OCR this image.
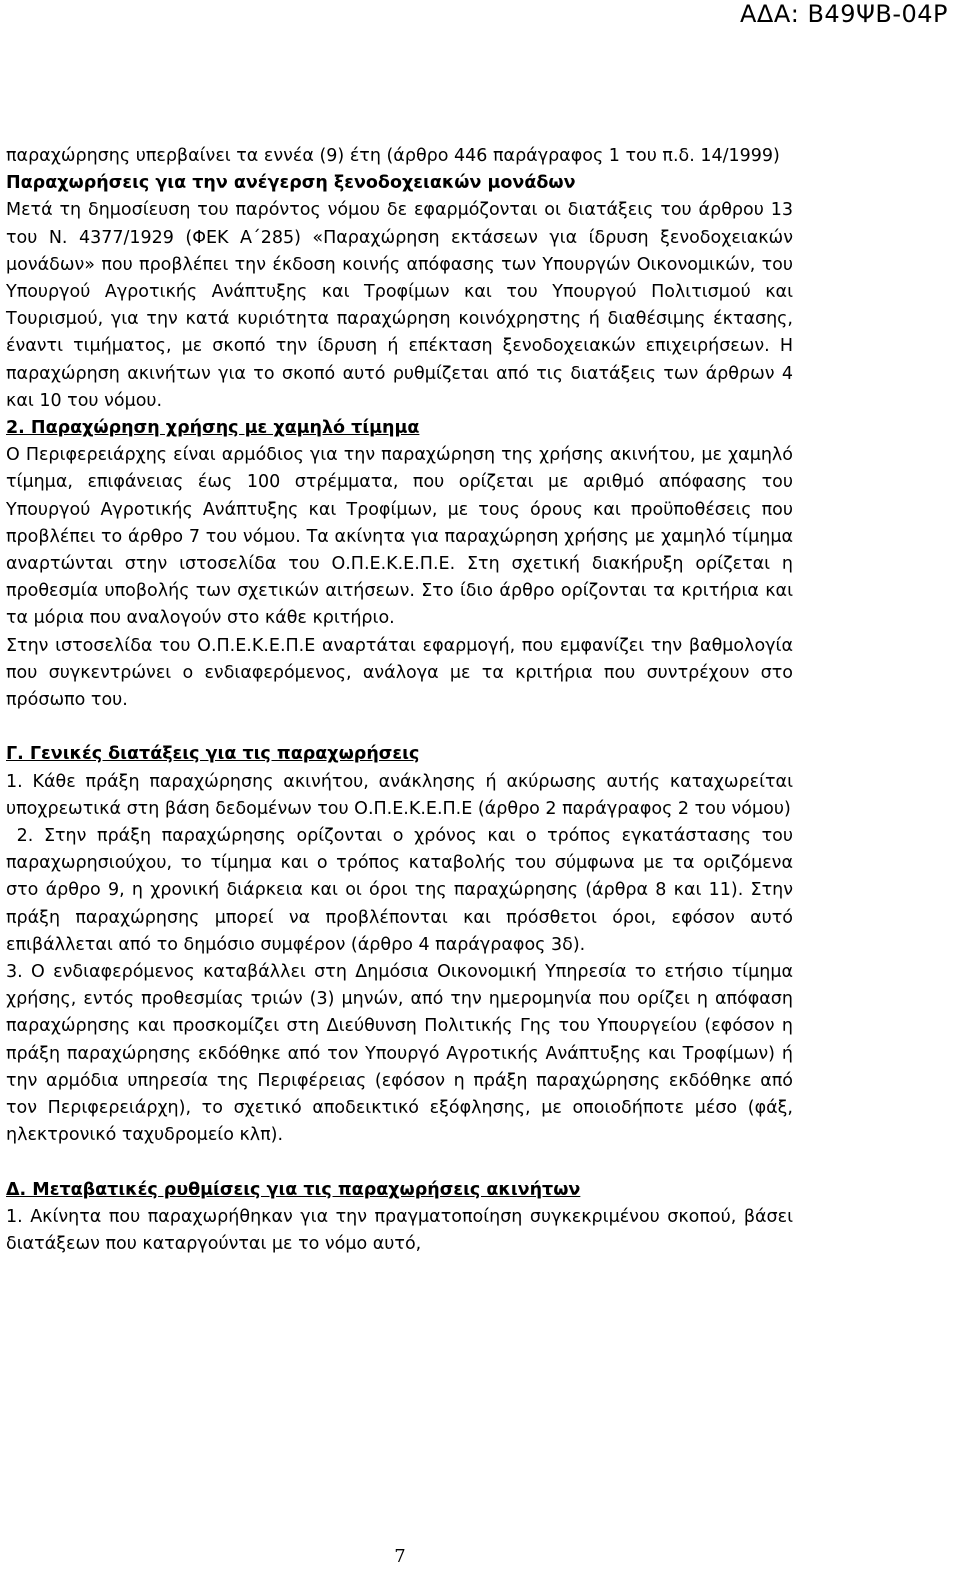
ΑΔΑ: Β49ΨΒ-04Ρ

παραχώρησης υπερβαίνει τα εννέα (9) έτη (άρθρο 446 παράγραφος 1 του π.δ. 14/1999)

Παραχωρήσεις για την ανέγερση ξενοδοχειακών μονάδων

Μετά τη δημοσίευση του παρόντος νόμου δε εφαρμόζονται οι διατάξεις του άρθρου 13 του Ν. 4377/1929 (ΦΕΚ Α΄285) «Παραχώρηση εκτάσεων για ίδρυση ξενοδοχειακών μονάδων» που προβλέπει την έκδοση κοινής απόφασης των Υπουργών Οικονομικών, του Υπουργού Αγροτικής Ανάπτυξης και Τροφίμων και του Υπουργού Πολιτισμού και Τουρισμού, για την κατά κυριότητα παραχώρηση κοινόχρηστης ή διαθέσιμης έκτασης, έναντι τιμήματος, με σκοπό την ίδρυση ή επέκταση ξενοδοχειακών επιχειρήσεων. Η παραχώρηση ακινήτων για το σκοπό αυτό ρυθμίζεται από τις διατάξεις των άρθρων 4 και 10 του νόμου.

2. Παραχώρηση χρήσης με χαμηλό τίμημα

Ο Περιφερειάρχης είναι αρμόδιος για την παραχώρηση της χρήσης ακινήτου, με χαμηλό τίμημα, επιφάνειας έως 100 στρέμματα, που ορίζεται με αριθμό απόφασης του Υπουργού Αγροτικής Ανάπτυξης και Τροφίμων, με τους όρους και προϋποθέσεις που προβλέπει το άρθρο 7 του νόμου. Τα ακίνητα για παραχώρηση χρήσης με χαμηλό τίμημα αναρτώνται στην ιστοσελίδα του Ο.Π.Ε.Κ.Ε.Π.Ε. Στη σχετική διακήρυξη ορίζεται η προθεσμία υποβολής των σχετικών αιτήσεων. Στο ίδιο άρθρο ορίζονται τα κριτήρια και τα μόρια που αναλογούν στο κάθε κριτήριο.

Στην ιστοσελίδα του Ο.Π.Ε.Κ.Ε.Π.Ε αναρτάται εφαρμογή, που εμφανίζει την βαθμολογία που συγκεντρώνει ο ενδιαφερόμενος, ανάλογα με τα κριτήρια που συντρέχουν στο πρόσωπο του.

Γ. Γενικές διατάξεις για τις παραχωρήσεις

1. Κάθε πράξη παραχώρησης ακινήτου, ανάκλησης ή ακύρωσης αυτής καταχωρείται υποχρεωτικά στη βάση δεδομένων του Ο.Π.Ε.Κ.Ε.Π.Ε (άρθρο 2 παράγραφος 2 του νόμου)

2. Στην πράξη παραχώρησης ορίζονται ο χρόνος και ο τρόπος εγκατάστασης του παραχωρησιούχου, το τίμημα και ο τρόπος καταβολής του σύμφωνα με τα οριζόμενα στο άρθρο 9, η χρονική διάρκεια και οι όροι της παραχώρησης (άρθρα 8 και 11). Στην πράξη παραχώρησης μπορεί να προβλέπονται και πρόσθετοι όροι, εφόσον αυτό επιβάλλεται από το δημόσιο συμφέρον (άρθρο 4 παράγραφος 3δ).

3. Ο ενδιαφερόμενος καταβάλλει στη Δημόσια Οικονομική Υπηρεσία το ετήσιο τίμημα χρήσης, εντός προθεσμίας τριών (3) μηνών, από την ημερομηνία που ορίζει η απόφαση παραχώρησης και προσκομίζει στη Διεύθυνση Πολιτικής Γης του Υπουργείου (εφόσον η πράξη παραχώρησης εκδόθηκε από τον Υπουργό Αγροτικής Ανάπτυξης και Τροφίμων) ή την αρμόδια υπηρεσία της Περιφέρειας (εφόσον η πράξη παραχώρησης εκδόθηκε από τον Περιφερειάρχη), το σχετικό αποδεικτικό εξόφλησης, με οποιοδήποτε μέσο (φάξ, ηλεκτρονικό ταχυδρομείο κλπ).

Δ. Μεταβατικές ρυθμίσεις για τις παραχωρήσεις ακινήτων

1. Ακίνητα που παραχωρήθηκαν για την πραγματοποίηση συγκεκριμένου σκοπού, βάσει διατάξεων που καταργούνται με το νόμο αυτό,

7
